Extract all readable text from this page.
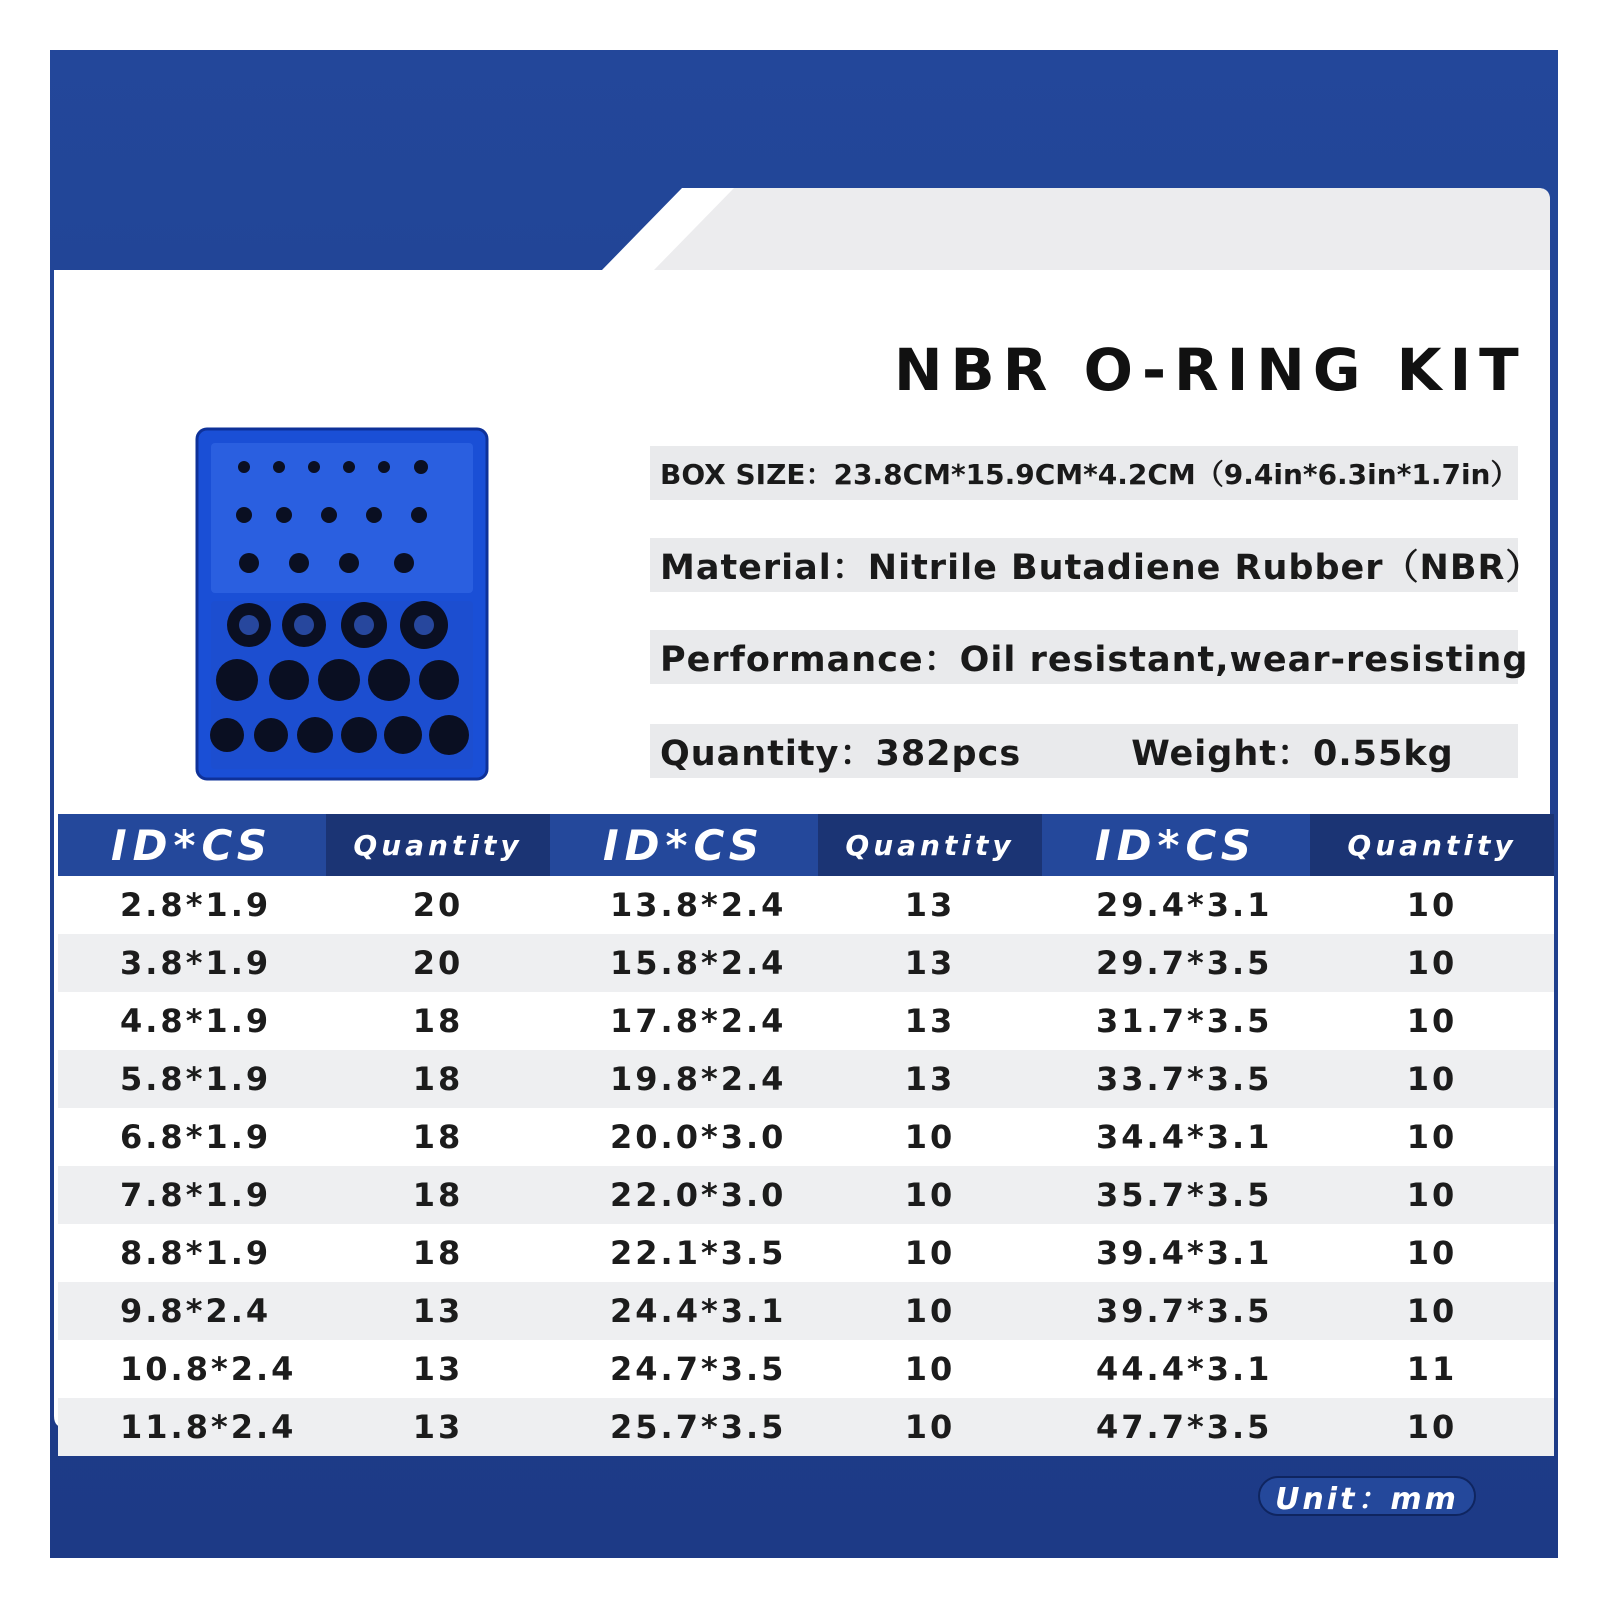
NBR O-RING KIT
BOX SIZE：23.8CM*15.9CM*4.2CM（9.4in*6.3in*1.7in）
Material：Nitrile Butadiene Rubber（NBR）
Performance：Oil resistant,wear-resisting
Quantity：382pcs	Weight：0.55kg
ID*CS	Quantity	ID*CS	Quantity	ID*CS	Quantity
2.8*1.9	20	13.8*2.4	13	29.4*3.1	10
3.8*1.9	20	15.8*2.4	13	29.7*3.5	10
4.8*1.9	18	17.8*2.4	13	31.7*3.5	10
5.8*1.9	18	19.8*2.4	13	33.7*3.5	10
6.8*1.9	18	20.0*3.0	10	34.4*3.1	10
7.8*1.9	18	22.0*3.0	10	35.7*3.5	10
8.8*1.9	18	22.1*3.5	10	39.4*3.1	10
9.8*2.4	13	24.4*3.1	10	39.7*3.5	10
10.8*2.4	13	24.7*3.5	10	44.4*3.1	11
11.8*2.4	13	25.7*3.5	10	47.7*3.5	10
Unit：mm
